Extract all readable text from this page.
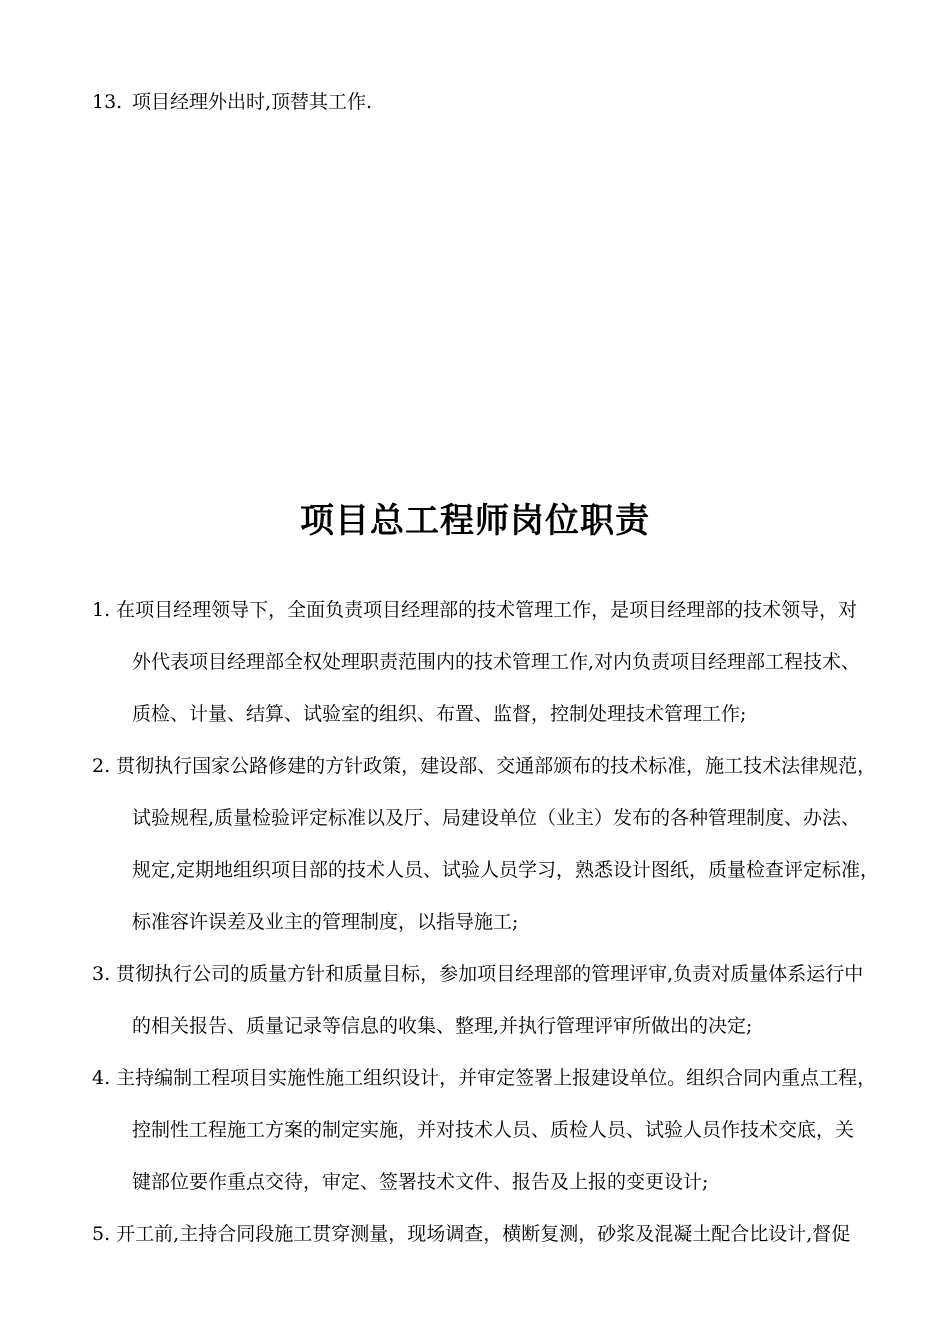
13. 项目经理外出时,顶替其工作.
项目总工程师岗位职责
1. 在项目经理领导下，全面负责项目经理部的技术管理工作，是项目经理部的技术领导，对
外代表项目经理部全权处理职责范围内的技术管理工作,对内负责项目经理部工程技术、
质检、计量、结算、试验室的组织、布置、监督，控制处理技术管理工作;
2. 贯彻执行国家公路修建的方针政策，建设部、交通部颁布的技术标准，施工技术法律规范，
试验规程,质量检验评定标准以及厅、局建设单位（业主）发布的各种管理制度、办法、
规定,定期地组织项目部的技术人员、试验人员学习，熟悉设计图纸，质量检查评定标准，
标准容许误差及业主的管理制度，以指导施工;
3. 贯彻执行公司的质量方针和质量目标，参加项目经理部的管理评审,负责对质量体系运行中
的相关报告、质量记录等信息的收集、整理,并执行管理评审所做出的决定;
4. 主持编制工程项目实施性施工组织设计，并审定签署上报建设单位。组织合同内重点工程，
控制性工程施工方案的制定实施，并对技术人员、质检人员、试验人员作技术交底，关
键部位要作重点交待，审定、签署技术文件、报告及上报的变更设计;
5. 开工前,主持合同段施工贯穿测量，现场调查，横断复测，砂浆及混凝土配合比设计,督促
